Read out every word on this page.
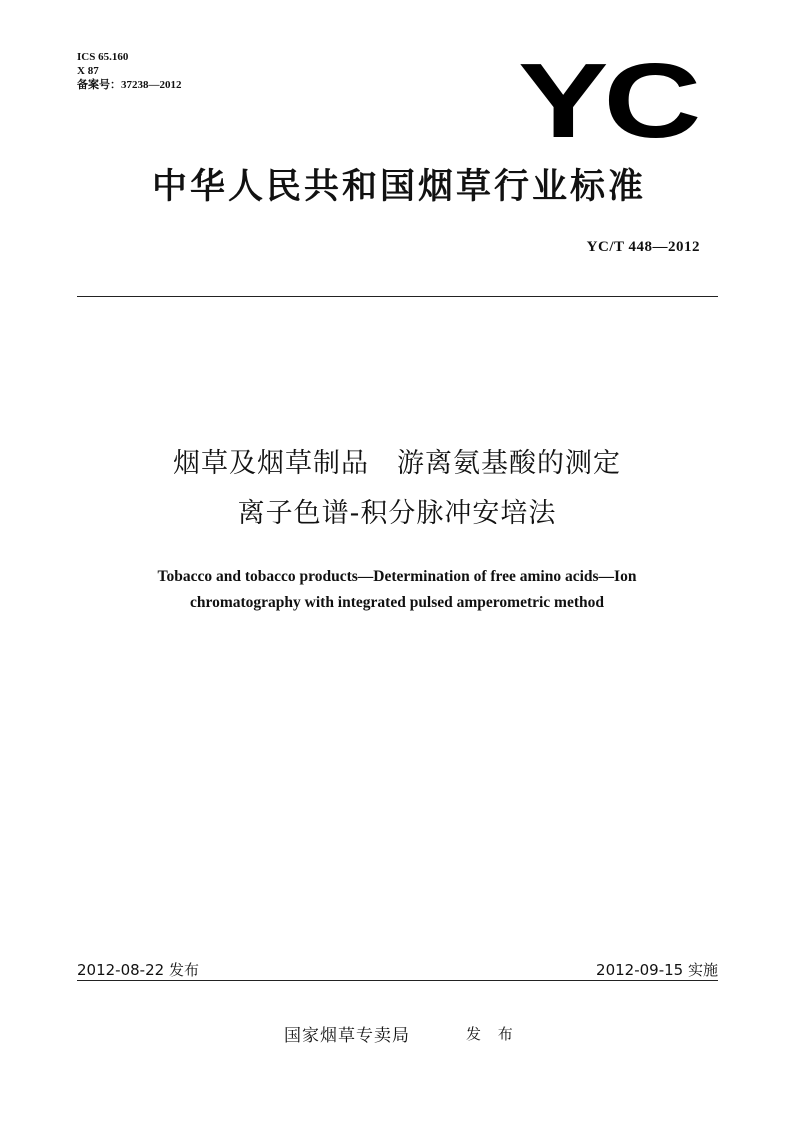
ICS 65.160
X 87
备案号：37238—2012	YC
中华人民共和国烟草行业标准
YC/T 448—2012
烟草及烟草制品　游离氨基酸的测定
离子色谱-积分脉冲安培法
Tobacco and tobacco products—Determination of free amino acids—Ion
chromatography with integrated pulsed amperometric method
2012-08-22 发布	2012-09-15 实施
国家烟草专卖局	发 布
